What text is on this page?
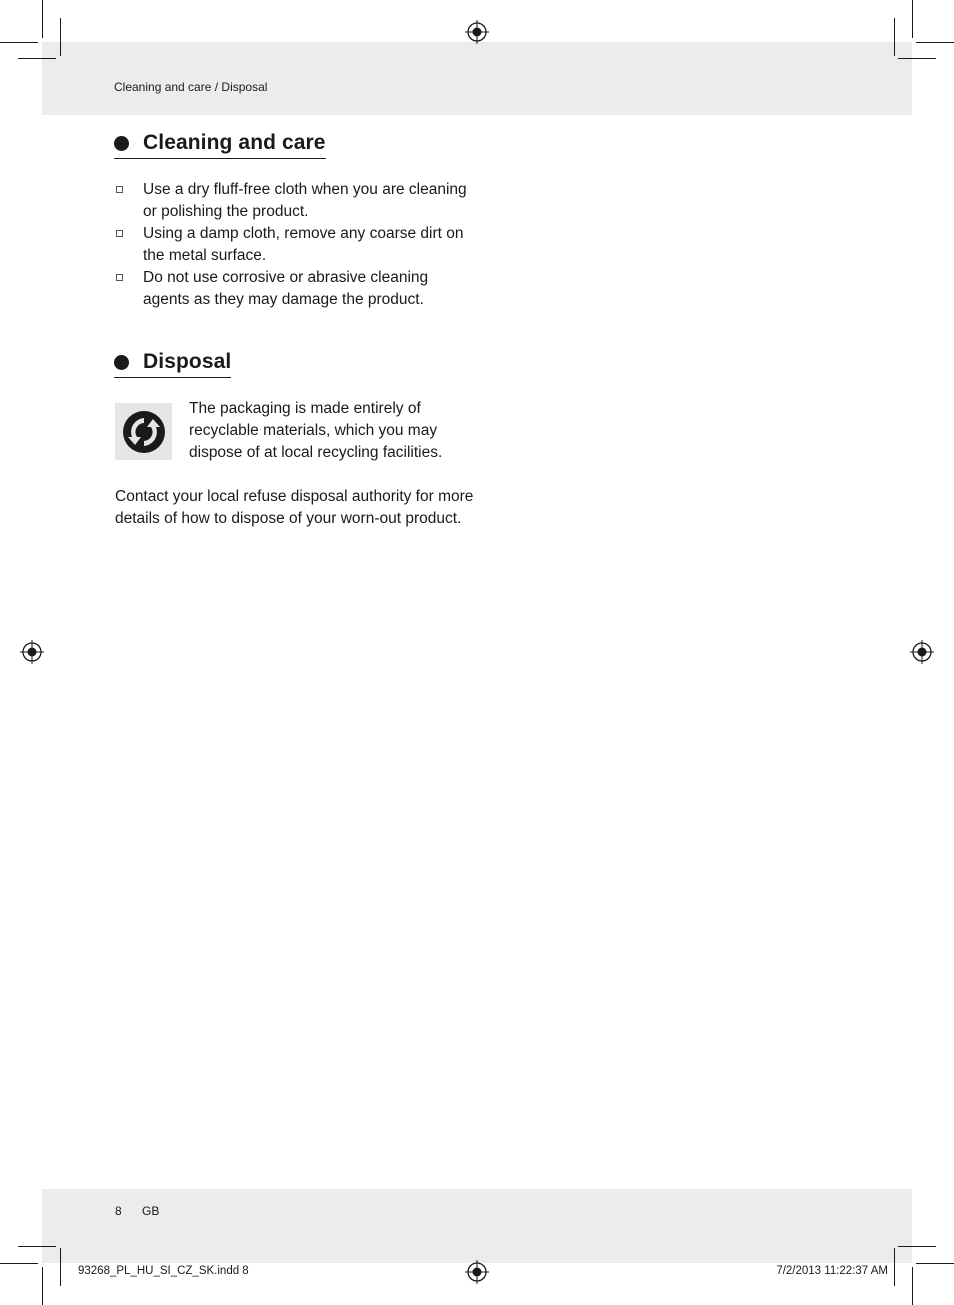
Cleaning and care / Disposal
Cleaning and care
Use a dry fluff-free cloth when you are cleaning or polishing the product.
Using a damp cloth, remove any coarse dirt on the metal surface.
Do not use corrosive or abrasive cleaning agents as they may damage the product.
Disposal
The packaging is made entirely of recyclable materials, which you may dispose of at local recycling facilities.
Contact your local refuse disposal authority for more details of how to dispose of your worn-out product.
8 GB
93268_PL_HU_SI_CZ_SK.indd 8	7/2/2013 11:22:37 AM
